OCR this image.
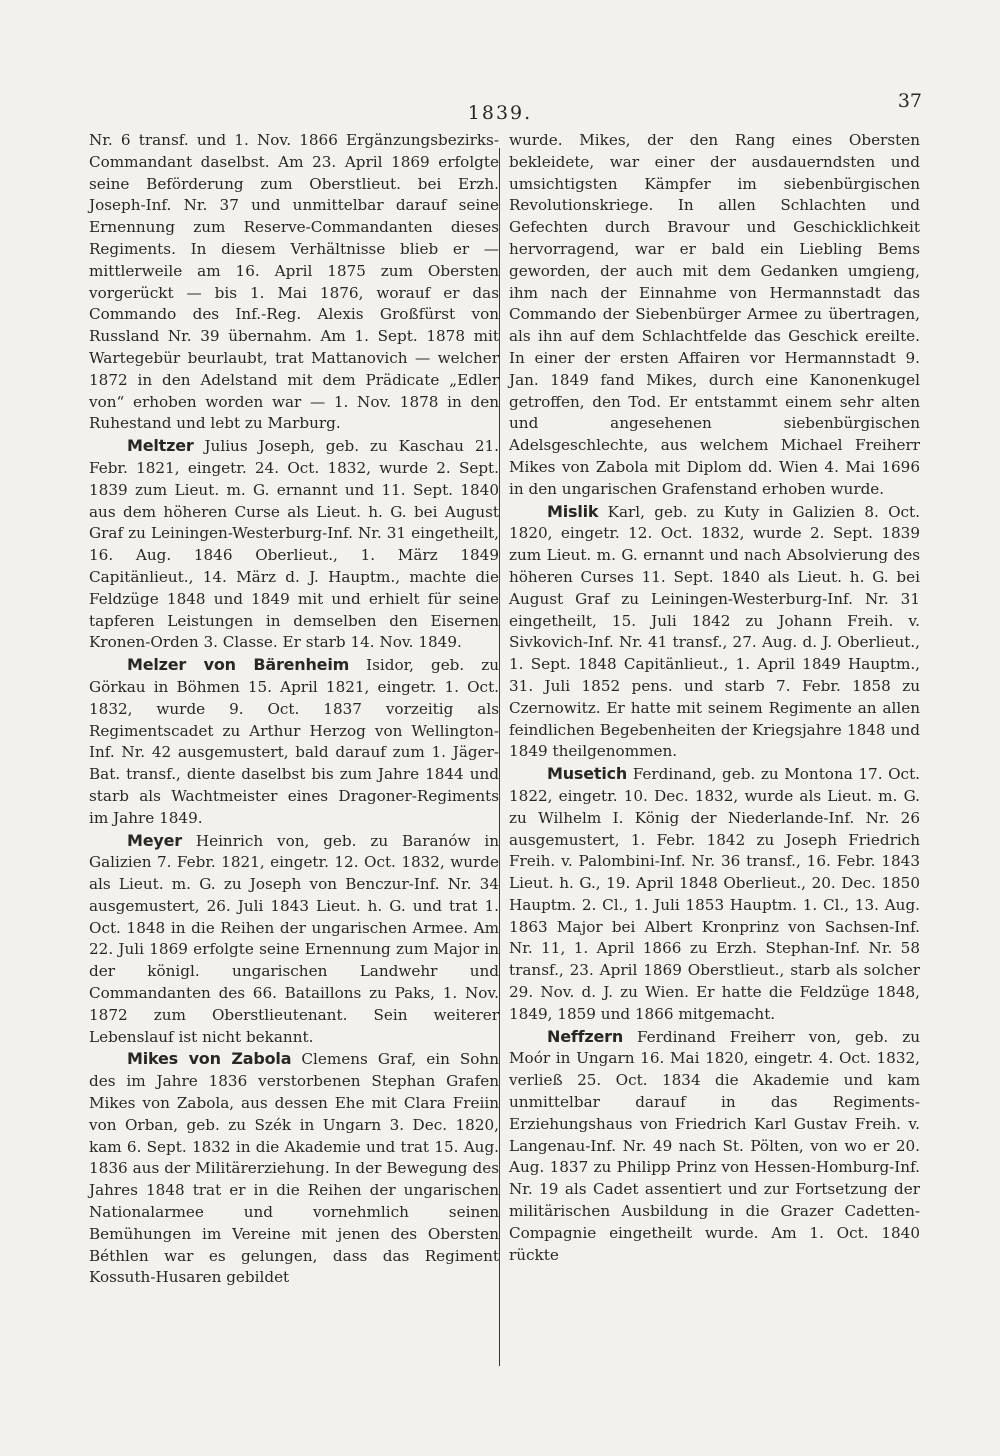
1839.
37

Nr. 6 transf. und 1. Nov. 1866 Ergänzungsbezirks-Commandant daselbst. Am 23. April 1869 erfolgte seine Beförderung zum Oberstlieut. bei Erzh. Joseph-Inf. Nr. 37 und unmittelbar darauf seine Ernennung zum Reserve-Commandanten dieses Regiments. In diesem Verhältnisse blieb er — mittlerweile am 16. April 1875 zum Obersten vorgerückt — bis 1. Mai 1876, worauf er das Commando des Inf.-Reg. Alexis Großfürst von Russland Nr. 39 übernahm. Am 1. Sept. 1878 mit Wartegebür beurlaubt, trat Mattanovich — welcher 1872 in den Adelstand mit dem Prädicate „Edler von“ erhoben worden war — 1. Nov. 1878 in den Ruhestand und lebt zu Marburg.

Meltzer Julius Joseph, geb. zu Kaschau 21. Febr. 1821, eingetr. 24. Oct. 1832, wurde 2. Sept. 1839 zum Lieut. m. G. ernannt und 11. Sept. 1840 aus dem höheren Curse als Lieut. h. G. bei August Graf zu Leiningen-Westerburg-Inf. Nr. 31 eingetheilt, 16. Aug. 1846 Oberlieut., 1. März 1849 Capitänlieut., 14. März d. J. Hauptm., machte die Feldzüge 1848 und 1849 mit und erhielt für seine tapferen Leistungen in demselben den Eisernen Kronen-Orden 3. Classe. Er starb 14. Nov. 1849.

Melzer von Bärenheim Isidor, geb. zu Görkau in Böhmen 15. April 1821, eingetr. 1. Oct. 1832, wurde 9. Oct. 1837 vorzeitig als Regimentscadet zu Arthur Herzog von Wellington-Inf. Nr. 42 ausgemustert, bald darauf zum 1. Jäger-Bat. transf., diente daselbst bis zum Jahre 1844 und starb als Wachtmeister eines Dragoner-Regiments im Jahre 1849.

Meyer Heinrich von, geb. zu Baranów in Galizien 7. Febr. 1821, eingetr. 12. Oct. 1832, wurde als Lieut. m. G. zu Joseph von Benczur-Inf. Nr. 34 ausgemustert, 26. Juli 1843 Lieut. h. G. und trat 1. Oct. 1848 in die Reihen der ungarischen Armee. Am 22. Juli 1869 erfolgte seine Ernennung zum Major in der königl. ungarischen Landwehr und Commandanten des 66. Bataillons zu Paks, 1. Nov. 1872 zum Oberstlieutenant. Sein weiterer Lebenslauf ist nicht bekannt.

Mikes von Zabola Clemens Graf, ein Sohn des im Jahre 1836 verstorbenen Stephan Grafen Mikes von Zabola, aus dessen Ehe mit Clara Freiin von Orban, geb. zu Szék in Ungarn 3. Dec. 1820, kam 6. Sept. 1832 in die Akademie und trat 15. Aug. 1836 aus der Militärerziehung. In der Bewegung des Jahres 1848 trat er in die Reihen der ungarischen Nationalarmee und vornehmlich seinen Bemühungen im Vereine mit jenen des Obersten Béthlen war es gelungen, dass das Regiment Kossuth-Husaren gebildet

wurde. Mikes, der den Rang eines Obersten bekleidete, war einer der ausdauerndsten und umsichtigsten Kämpfer im siebenbürgischen Revolutionskriege. In allen Schlachten und Gefechten durch Bravour und Geschicklichkeit hervorragend, war er bald ein Liebling Bems geworden, der auch mit dem Gedanken umgieng, ihm nach der Einnahme von Hermannstadt das Commando der Siebenbürger Armee zu übertragen, als ihn auf dem Schlachtfelde das Geschick ereilte. In einer der ersten Affairen vor Hermannstadt 9. Jan. 1849 fand Mikes, durch eine Kanonenkugel getroffen, den Tod. Er entstammt einem sehr alten und angesehenen siebenbürgischen Adelsgeschlechte, aus welchem Michael Freiherr Mikes von Zabola mit Diplom dd. Wien 4. Mai 1696 in den ungarischen Grafenstand erhoben wurde.

Mislik Karl, geb. zu Kuty in Galizien 8. Oct. 1820, eingetr. 12. Oct. 1832, wurde 2. Sept. 1839 zum Lieut. m. G. ernannt und nach Absolvierung des höheren Curses 11. Sept. 1840 als Lieut. h. G. bei August Graf zu Leiningen-Westerburg-Inf. Nr. 31 eingetheilt, 15. Juli 1842 zu Johann Freih. v. Sivkovich-Inf. Nr. 41 transf., 27. Aug. d. J. Oberlieut., 1. Sept. 1848 Capitänlieut., 1. April 1849 Hauptm., 31. Juli 1852 pens. und starb 7. Febr. 1858 zu Czernowitz. Er hatte mit seinem Regimente an allen feindlichen Begebenheiten der Kriegsjahre 1848 und 1849 theilgenommen.

Musetich Ferdinand, geb. zu Montona 17. Oct. 1822, eingetr. 10. Dec. 1832, wurde als Lieut. m. G. zu Wilhelm I. König der Niederlande-Inf. Nr. 26 ausgemustert, 1. Febr. 1842 zu Joseph Friedrich Freih. v. Palombini-Inf. Nr. 36 transf., 16. Febr. 1843 Lieut. h. G., 19. April 1848 Oberlieut., 20. Dec. 1850 Hauptm. 2. Cl., 1. Juli 1853 Hauptm. 1. Cl., 13. Aug. 1863 Major bei Albert Kronprinz von Sachsen-Inf. Nr. 11, 1. April 1866 zu Erzh. Stephan-Inf. Nr. 58 transf., 23. April 1869 Oberstlieut., starb als solcher 29. Nov. d. J. zu Wien. Er hatte die Feldzüge 1848, 1849, 1859 und 1866 mitgemacht.

Neffzern Ferdinand Freiherr von, geb. zu Moór in Ungarn 16. Mai 1820, eingetr. 4. Oct. 1832, verließ 25. Oct. 1834 die Akademie und kam unmittelbar darauf in das Regiments-Erziehungshaus von Friedrich Karl Gustav Freih. v. Langenau-Inf. Nr. 49 nach St. Pölten, von wo er 20. Aug. 1837 zu Philipp Prinz von Hessen-Homburg-Inf. Nr. 19 als Cadet assentiert und zur Fortsetzung der militärischen Ausbildung in die Grazer Cadetten-Compagnie eingetheilt wurde. Am 1. Oct. 1840 rückte
